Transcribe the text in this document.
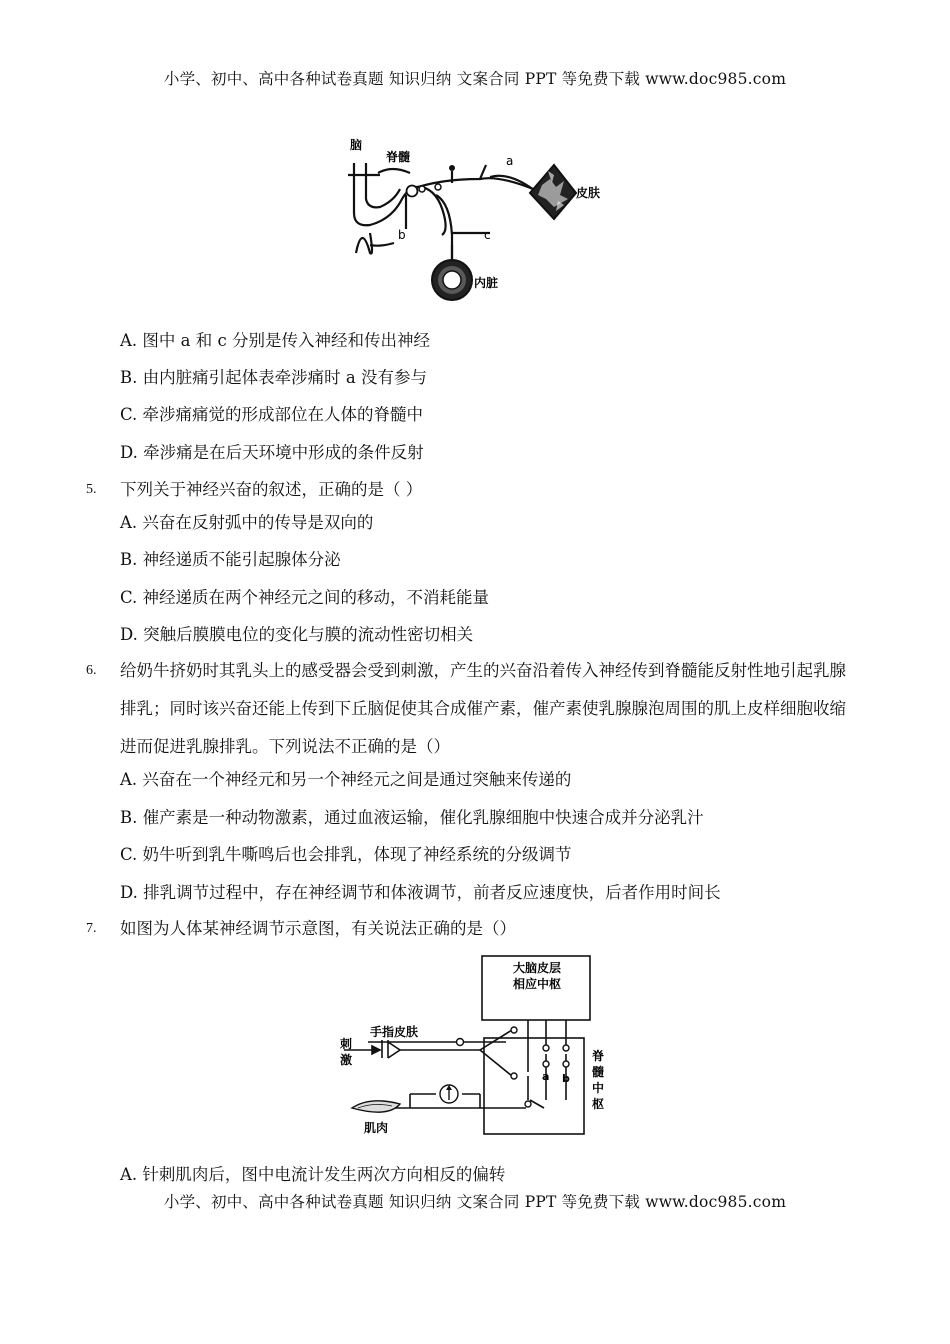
小学、初中、高中各种试卷真题 知识归纳 文案合同 PPT 等免费下载 www.doc985.com
脑
脊髓	a
b	c
皮肤
内脏
A. 图中 a 和 c 分别是传入神经和传出神经
B. 由内脏痛引起体表牵涉痛时 a 没有参与
C. 牵涉痛痛觉的形成部位在人体的脊髓中
D. 牵涉痛是在后天环境中形成的条件反射
5. 下列关于神经兴奋的叙述，正确的是（ ）
A. 兴奋在反射弧中的传导是双向的
B. 神经递质不能引起腺体分泌
C. 神经递质在两个神经元之间的移动，不消耗能量
D. 突触后膜膜电位的变化与膜的流动性密切相关
6. 给奶牛挤奶时其乳头上的感受器会受到刺激，产生的兴奋沿着传入神经传到脊髓能反射性地引起乳腺
排乳；同时该兴奋还能上传到下丘脑促使其合成催产素，催产素使乳腺腺泡周围的肌上皮样细胞收缩
进而促进乳腺排乳。下列说法不正确的是（）
A. 兴奋在一个神经元和另一个神经元之间是通过突触来传递的
B. 催产素是一种动物激素，通过血液运输，催化乳腺细胞中快速合成并分泌乳汁
C. 奶牛听到乳牛嘶鸣后也会排乳，体现了神经系统的分级调节
D. 排乳调节过程中，存在神经调节和体液调节，前者反应速度快，后者作用时间长
7. 如图为人体某神经调节示意图，有关说法正确的是（）
大脑皮层
相应中枢
手指皮肤
刺
激
肌肉
a b
脊
髓
中
枢
A. 针刺肌肉后，图中电流计发生两次方向相反的偏转
小学、初中、高中各种试卷真题 知识归纳 文案合同 PPT 等免费下载 www.doc985.com
